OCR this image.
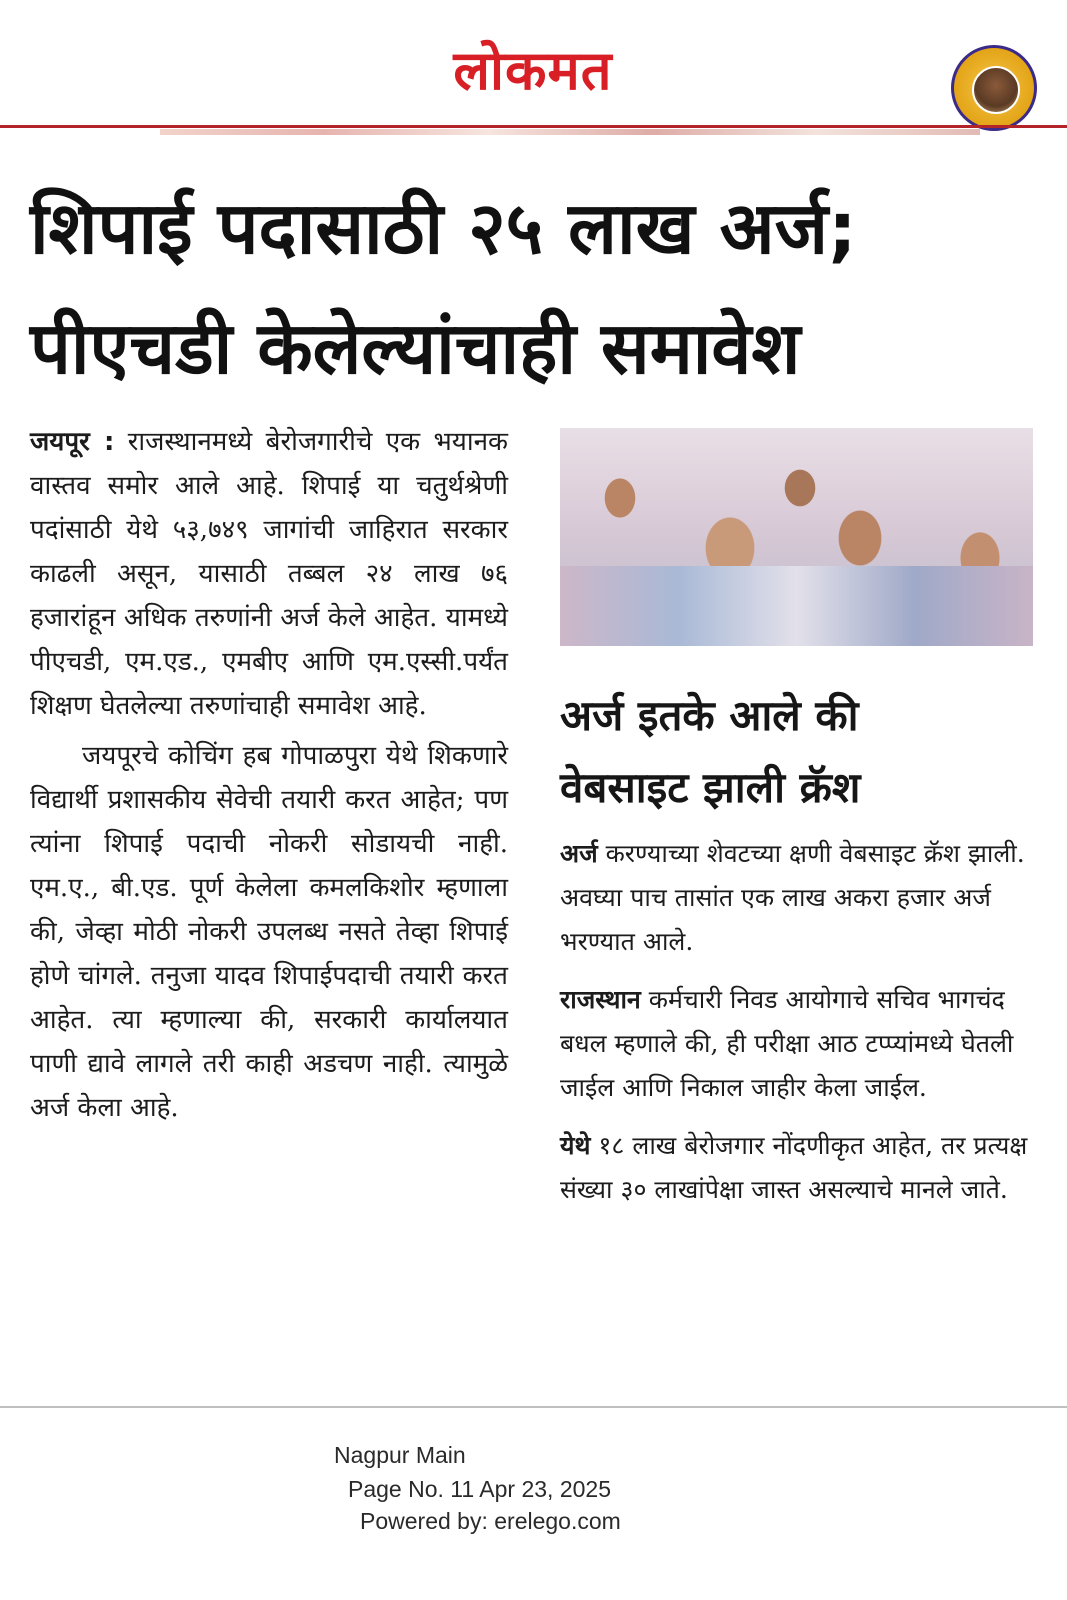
लोकमत
शिपाई पदासाठी २५ लाख अर्ज;
पीएचडी केलेल्यांचाही समावेश

जयपूर : राजस्थानमध्ये बेरोजगारीचे एक भयानक वास्तव समोर आले आहे. शिपाई या चतुर्थश्रेणी पदांसाठी येथे ५३,७४९ जागांची जाहिरात सरकार काढली असून, यासाठी तब्बल २४ लाख ७६ हजारांहून अधिक तरुणांनी अर्ज केले आहेत. यामध्ये पीएचडी, एम.एड., एमबीए आणि एम.एस्सी.पर्यंत शिक्षण घेतलेल्या तरुणांचाही समावेश आहे.

जयपूरचे कोचिंग हब गोपाळपुरा येथे शिकणारे विद्यार्थी प्रशासकीय सेवेची तयारी करत आहेत; पण त्यांना शिपाई पदाची नोकरी सोडायची नाही. एम.ए., बी.एड. पूर्ण केलेला कमलकिशोर म्हणाला की, जेव्हा मोठी नोकरी उपलब्ध नसते तेव्हा शिपाई होणे चांगले. तनुजा यादव शिपाईपदाची तयारी करत आहेत. त्या म्हणाल्या की, सरकारी कार्यालयात पाणी द्यावे लागले तरी काही अडचण नाही. त्यामुळे अर्ज केला आहे.

अर्ज इतके आले की
वेबसाइट झाली क्रॅश

अर्ज करण्याच्या शेवटच्या क्षणी वेबसाइट क्रॅश झाली. अवघ्या पाच तासांत एक लाख अकरा हजार अर्ज भरण्यात आले.

राजस्थान कर्मचारी निवड आयोगाचे सचिव भागचंद बधल म्हणाले की, ही परीक्षा आठ टप्प्यांमध्ये घेतली जाईल आणि निकाल जाहीर केला जाईल.

येथे १८ लाख बेरोजगार नोंदणीकृत आहेत, तर प्रत्यक्ष संख्या ३० लाखांपेक्षा जास्त असल्याचे मानले जाते.

Nagpur Main
Page No. 11 Apr 23, 2025
Powered by: erelego.com
